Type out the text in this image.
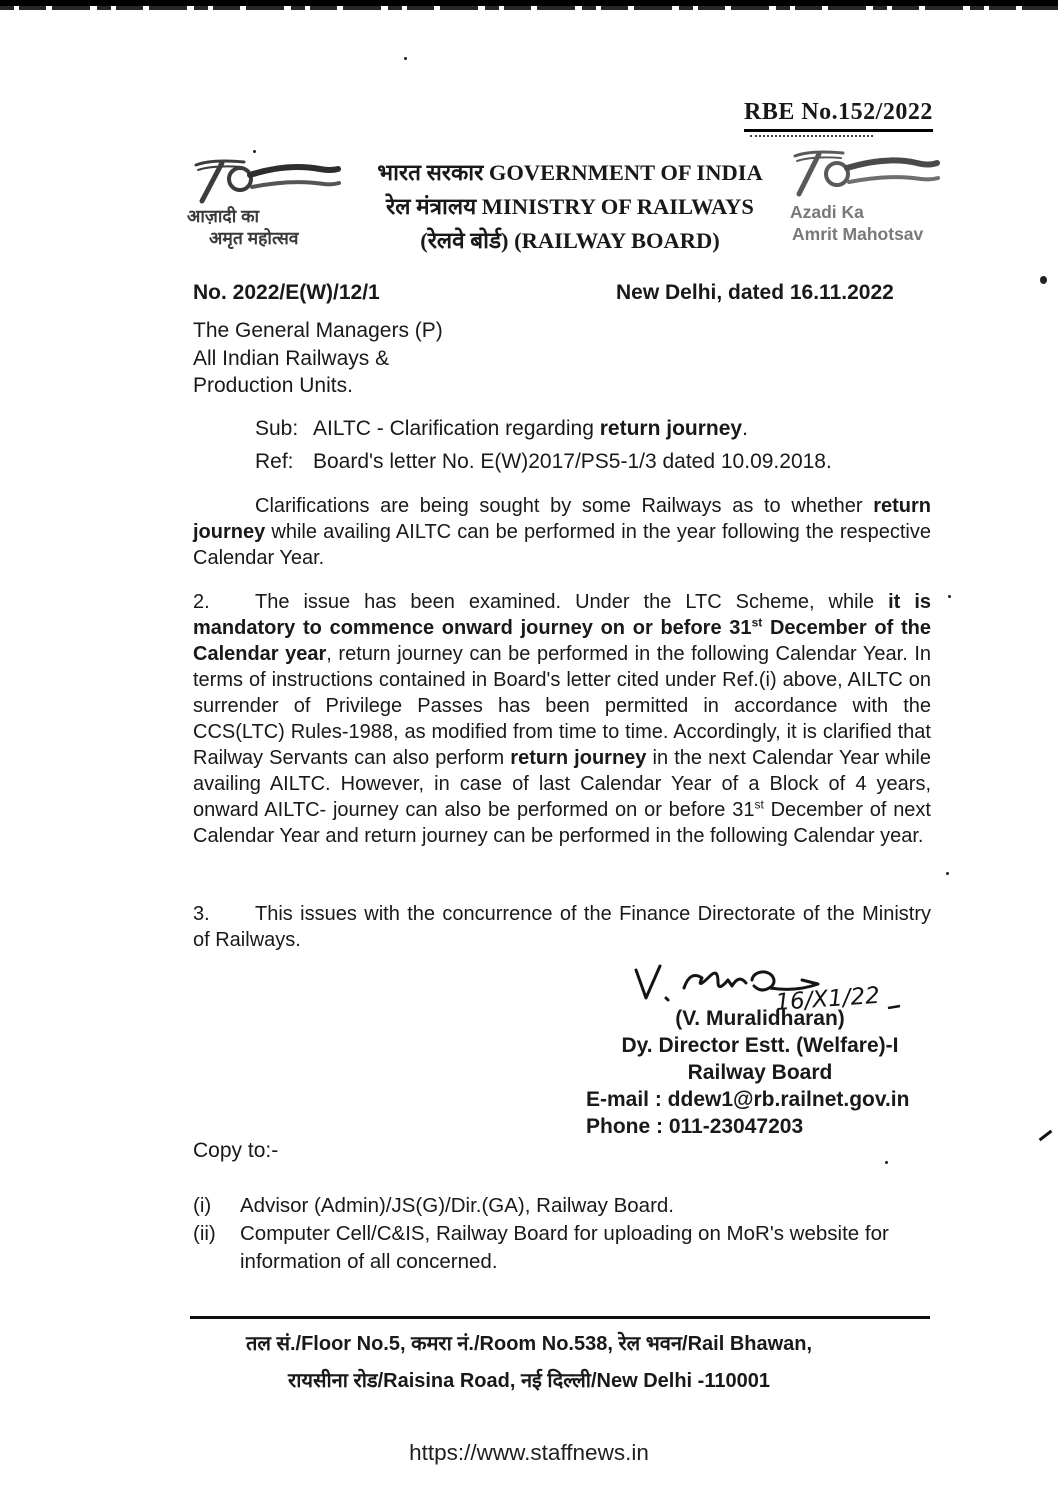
RBE No.152/2022
आज़ादी का
अमृत महोत्सव
भारत सरकार GOVERNMENT OF INDIA
रेल मंत्रालय MINISTRY OF RAILWAYS
(रेलवे बोर्ड) (RAILWAY BOARD)
Azadi Ka
Amrit Mahotsav
No. 2022/E(W)/12/1	New Delhi, dated 16.11.2022
The General Managers (P)
All Indian Railways &
Production Units.
Sub: AILTC - Clarification regarding return journey.
Ref: Board's letter No. E(W)2017/PS5-1/3 dated 10.09.2018.

Clarifications are being sought by some Railways as to whether return journey while availing AILTC can be performed in the year following the respective Calendar Year.

2. The issue has been examined. Under the LTC Scheme, while it is mandatory to commence onward journey on or before 31st December of the Calendar year, return journey can be performed in the following Calendar Year. In terms of instructions contained in Board's letter cited under Ref.(i) above, AILTC on surrender of Privilege Passes has been permitted in accordance with the CCS(LTC) Rules-1988, as modified from time to time. Accordingly, it is clarified that Railway Servants can also perform return journey in the next Calendar Year while availing AILTC. However, in case of last Calendar Year of a Block of 4 years, onward AILTC- journey can also be performed on or before 31st December of next Calendar Year and return journey can be performed in the following Calendar year.

3. This issues with the concurrence of the Finance Directorate of the Ministry of Railways.

16/X1/22
(V. Muralidharan)
Dy. Director Estt. (Welfare)-I
Railway Board
E-mail : ddew1@rb.railnet.gov.in
Phone : 011-23047203
Copy to:-
(i)	Advisor (Admin)/JS(G)/Dir.(GA), Railway Board.
(ii)	Computer Cell/C&IS, Railway Board for uploading on MoR's website for information of all concerned.
तल सं./Floor No.5, कमरा नं./Room No.538, रेल भवन/Rail Bhawan,
रायसीना रोड/Raisina Road, नई दिल्ली/New Delhi -110001
https://www.staffnews.in
